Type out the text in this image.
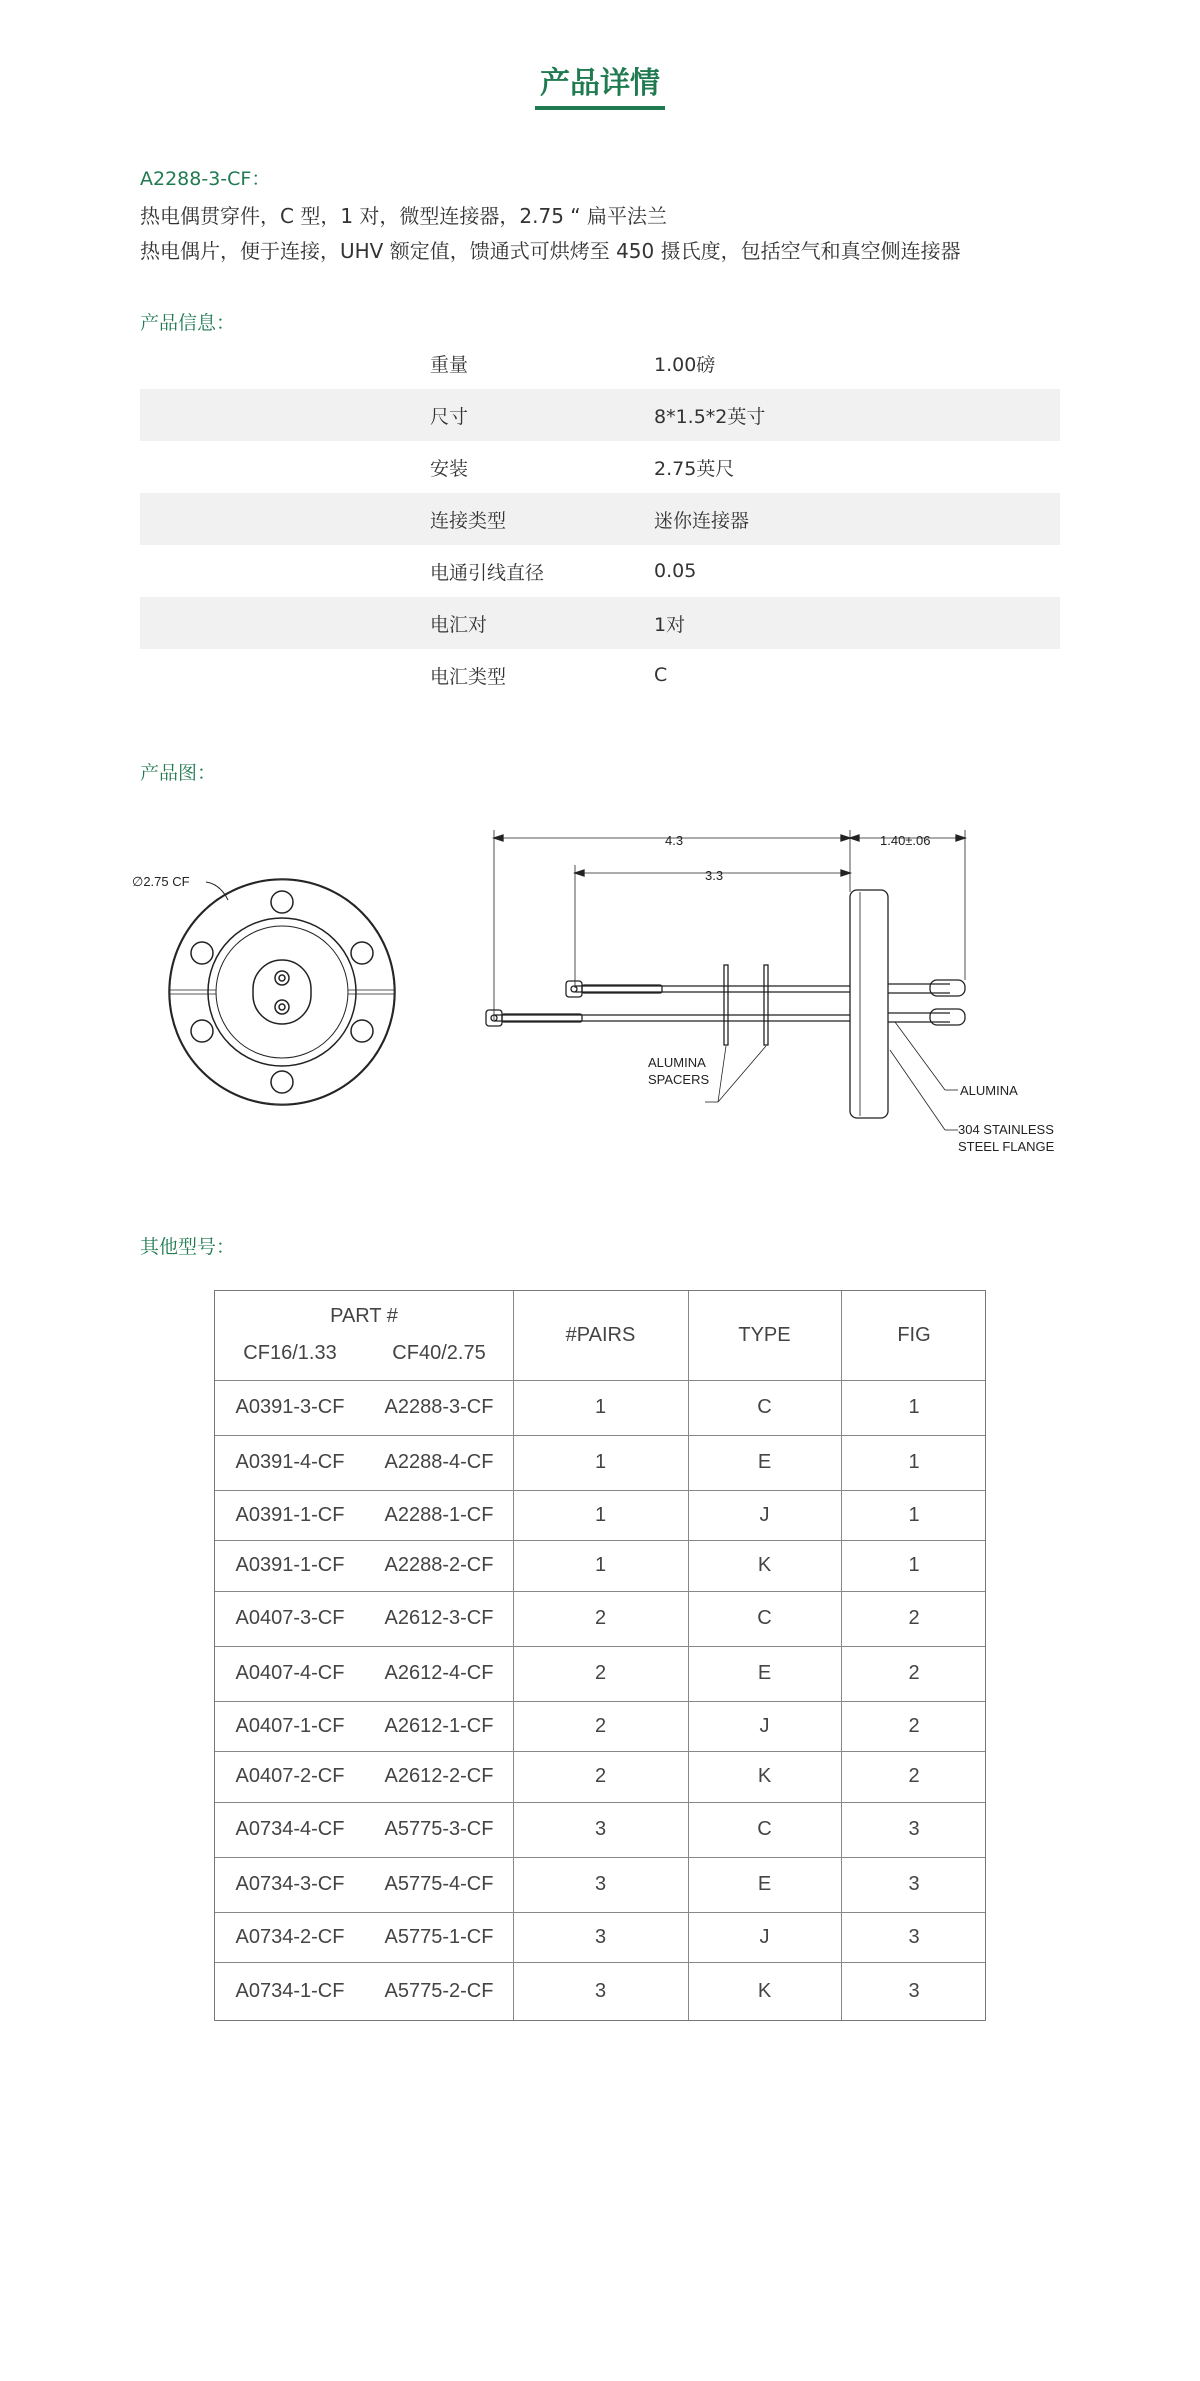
产品详情
A2288-3-CF：
热电偶贯穿件，C 型，1 对，微型连接器，2.75 “ 扁平法兰
热电偶片，便于连接，UHV 额定值，馈通式可烘烤至 450 摄氏度，包括空气和真空侧连接器
产品信息：
重量	1.00磅
尺寸	8*1.5*2英寸
安装	2.75英尺
连接类型	迷你连接器
电通引线直径	0.05
电汇对	1对
电汇类型	C
产品图：
∅2.75 CF
4.3
3.3
1.40±.06
ALUMINA
SPACERS
ALUMINA
304 STAINLESS
STEEL FLANGE
其他型号：
PART #
CF16/1.33	CF40/2.75
#PAIRS	TYPE	FIG
A0391-3-CF	A2288-3-CF	1	C	1
A0391-4-CF	A2288-4-CF	1	E	1
A0391-1-CF	A2288-1-CF	1	J	1
A0391-1-CF	A2288-2-CF	1	K	1
A0407-3-CF	A2612-3-CF	2	C	2
A0407-4-CF	A2612-4-CF	2	E	2
A0407-1-CF	A2612-1-CF	2	J	2
A0407-2-CF	A2612-2-CF	2	K	2
A0734-4-CF	A5775-3-CF	3	C	3
A0734-3-CF	A5775-4-CF	3	E	3
A0734-2-CF	A5775-1-CF	3	J	3
A0734-1-CF	A5775-2-CF	3	K	3
